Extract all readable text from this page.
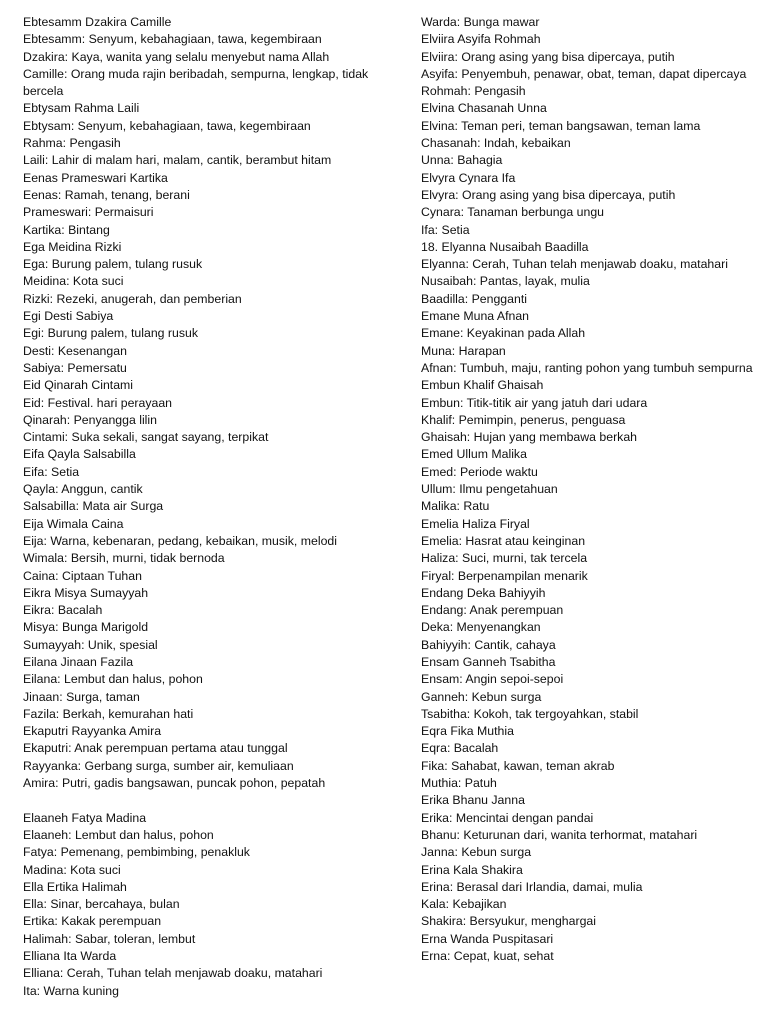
Ebtesamm Dzakira Camille
Ebtesamm: Senyum, kebahagiaan, tawa, kegembiraan
Dzakira: Kaya, wanita yang selalu menyebut nama Allah
Camille: Orang muda rajin beribadah, sempurna, lengkap, tidak bercela
Ebtysam Rahma Laili
Ebtysam: Senyum, kebahagiaan, tawa, kegembiraan
Rahma: Pengasih
Laili: Lahir di malam hari, malam, cantik, berambut hitam
Eenas Prameswari Kartika
Eenas: Ramah, tenang, berani
Prameswari: Permaisuri
Kartika: Bintang
Ega Meidina Rizki
Ega: Burung palem, tulang rusuk
Meidina: Kota suci
Rizki: Rezeki, anugerah, dan pemberian
Egi Desti Sabiya
Egi: Burung palem, tulang rusuk
Desti: Kesenangan
Sabiya: Pemersatu
Eid Qinarah Cintami
Eid: Festival. hari perayaan
Qinarah: Penyangga lilin
Cintami: Suka sekali, sangat sayang, terpikat
Eifa Qayla Salsabilla
Eifa: Setia
Qayla: Anggun, cantik
Salsabilla: Mata air Surga
Eija Wimala Caina
Eija: Warna, kebenaran, pedang, kebaikan, musik, melodi
Wimala: Bersih, murni, tidak bernoda
Caina: Ciptaan Tuhan
Eikra Misya Sumayyah
Eikra: Bacalah
Misya: Bunga Marigold
Sumayyah: Unik, spesial
Eilana Jinaan Fazila
Eilana: Lembut dan halus, pohon
Jinaan: Surga, taman
Fazila: Berkah, kemurahan hati
Ekaputri Rayyanka Amira
Ekaputri: Anak perempuan pertama atau tunggal
Rayyanka: Gerbang surga, sumber air, kemuliaan
Amira: Putri, gadis bangsawan, puncak pohon, pepatah
Elaaneh Fatya Madina
Elaaneh: Lembut dan halus, pohon
Fatya: Pemenang, pembimbing, penakluk
Madina: Kota suci
Ella Ertika Halimah
Ella: Sinar, bercahaya, bulan
Ertika: Kakak perempuan
Halimah: Sabar, toleran, lembut
Elliana Ita Warda
Elliana: Cerah, Tuhan telah menjawab doaku, matahari
Ita: Warna kuning
Warda: Bunga mawar
Elviira Asyifa Rohmah
Elviira: Orang asing yang bisa dipercaya, putih
Asyifa: Penyembuh, penawar, obat, teman, dapat dipercaya
Rohmah: Pengasih
Elvina Chasanah Unna
Elvina: Teman peri, teman bangsawan, teman lama
Chasanah: Indah, kebaikan
Unna: Bahagia
Elvyra Cynara Ifa
Elvyra: Orang asing yang bisa dipercaya, putih
Cynara: Tanaman berbunga ungu
Ifa: Setia
18. Elyanna Nusaibah Baadilla
Elyanna: Cerah, Tuhan telah menjawab doaku, matahari
Nusaibah: Pantas, layak, mulia
Baadilla: Pengganti
Emane Muna Afnan
Emane: Keyakinan pada Allah
Muna: Harapan
Afnan: Tumbuh, maju, ranting pohon yang tumbuh sempurna
Embun Khalif Ghaisah
Embun: Titik-titik air yang jatuh dari udara
Khalif: Pemimpin, penerus, penguasa
Ghaisah: Hujan yang membawa berkah
Emed Ullum Malika
Emed: Periode waktu
Ullum: Ilmu pengetahuan
Malika: Ratu
Emelia Haliza Firyal
Emelia: Hasrat atau keinginan
Haliza: Suci, murni, tak tercela
Firyal: Berpenampilan menarik
Endang Deka Bahiyyih
Endang: Anak perempuan
Deka: Menyenangkan
Bahiyyih: Cantik, cahaya
Ensam Ganneh Tsabitha
Ensam: Angin sepoi-sepoi
Ganneh: Kebun surga
Tsabitha: Kokoh, tak tergoyahkan, stabil
Eqra Fika Muthia
Eqra: Bacalah
Fika: Sahabat, kawan, teman akrab
Muthia: Patuh
Erika Bhanu Janna
Erika: Mencintai dengan pandai
Bhanu: Keturunan dari, wanita terhormat, matahari
Janna: Kebun surga
Erina Kala Shakira
Erina: Berasal dari Irlandia, damai, mulia
Kala: Kebajikan
Shakira: Bersyukur, menghargai
Erna Wanda Puspitasari
Erna: Cepat, kuat, sehat
